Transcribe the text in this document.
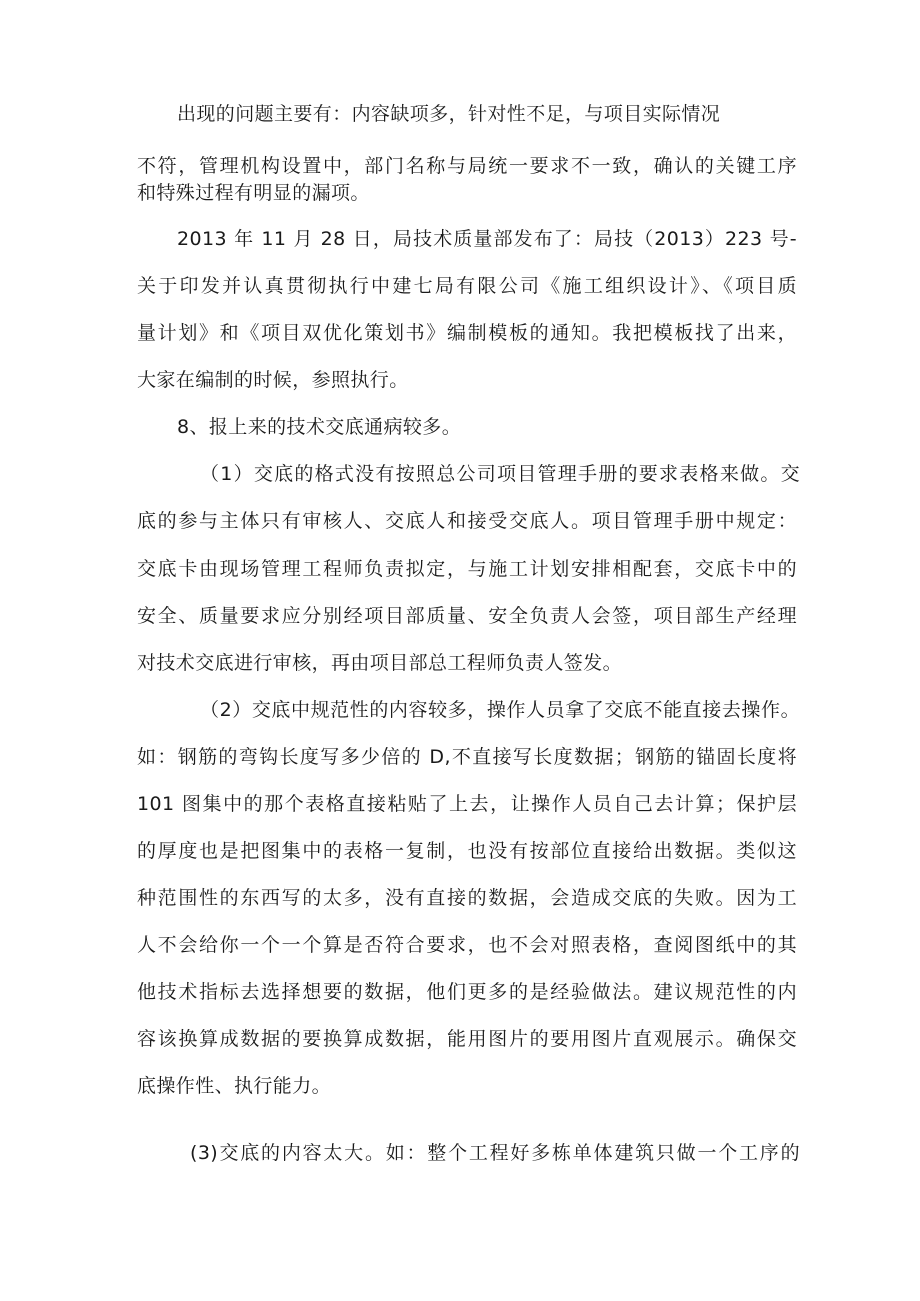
出现的问题主要有：内容缺项多，针对性不足，与项目实际情况
不符，管理机构设置中，部门名称与局统一要求不一致，确认的关键工序
和特殊过程有明显的漏项。
2013 年 11 月 28 日，局技术质量部发布了：局技（2013）223 号-
关于印发并认真贯彻执行中建七局有限公司《施工组织设计》、《项目质
量计划》和《项目双优化策划书》编制模板的通知。我把模板找了出来，
大家在编制的时候，参照执行。
8、报上来的技术交底通病较多。
（1）交底的格式没有按照总公司项目管理手册的要求表格来做。交
底的参与主体只有审核人、交底人和接受交底人。项目管理手册中规定：
交底卡由现场管理工程师负责拟定，与施工计划安排相配套，交底卡中的
安全、质量要求应分别经项目部质量、安全负责人会签，项目部生产经理
对技术交底进行审核，再由项目部总工程师负责人签发。
（2）交底中规范性的内容较多，操作人员拿了交底不能直接去操作。
如：钢筋的弯钩长度写多少倍的 D,不直接写长度数据；钢筋的锚固长度将
101 图集中的那个表格直接粘贴了上去，让操作人员自己去计算；保护层
的厚度也是把图集中的表格一复制，也没有按部位直接给出数据。类似这
种范围性的东西写的太多，没有直接的数据，会造成交底的失败。因为工
人不会给你一个一个算是否符合要求，也不会对照表格，查阅图纸中的其
他技术指标去选择想要的数据，他们更多的是经验做法。建议规范性的内
容该换算成数据的要换算成数据，能用图片的要用图片直观展示。确保交
底操作性、执行能力。
(3)交底的内容太大。如：整个工程好多栋单体建筑只做一个工序的
